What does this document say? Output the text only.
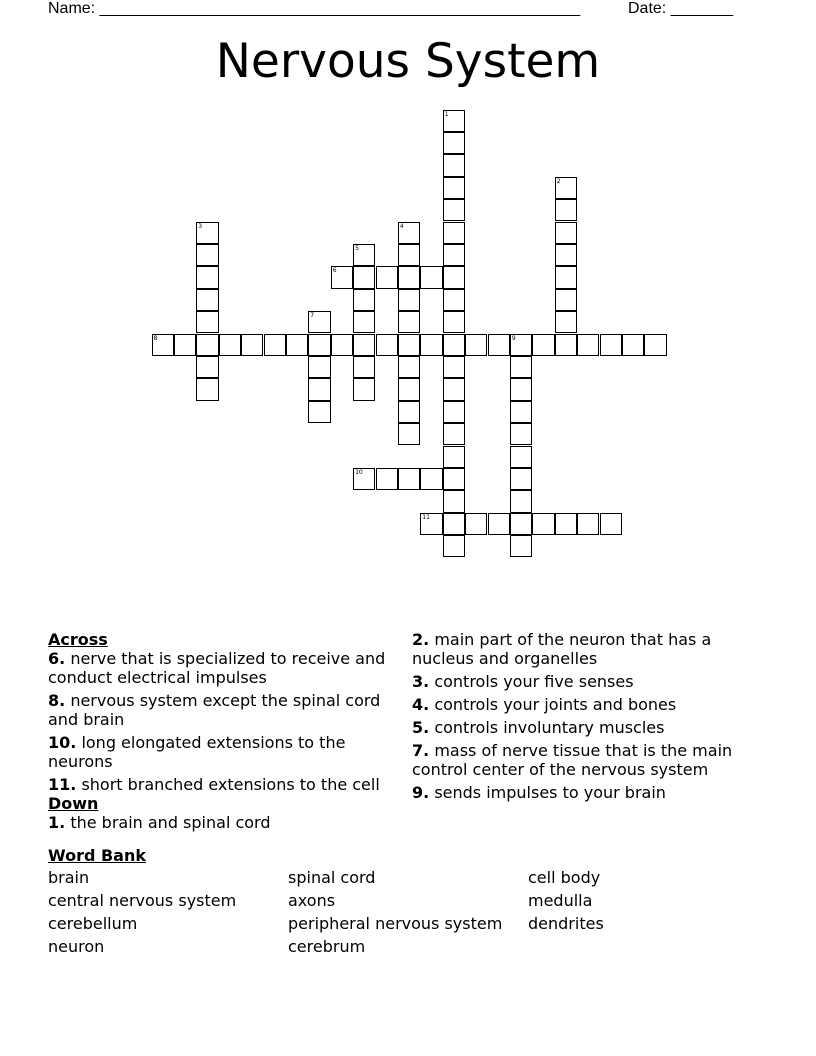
Name: ______________________________________________________	Date: _______
Nervous System
1
2
3	4
5
6
7
8	9
10
11
Across
6. nerve that is specialized to receive and conduct electrical impulses
8. nervous system except the spinal cord and brain
10. long elongated extensions to the neurons
11. short branched extensions to the cell
Down
1. the brain and spinal cord
2. main part of the neuron that has a nucleus and organelles
3. controls your five senses
4. controls your joints and bones
5. controls involuntary muscles
7. mass of nerve tissue that is the main control center of the nervous system
9. sends impulses to your brain
Word Bank
brain	spinal cord	cell body
central nervous system	axons	medulla
cerebellum	peripheral nervous system	dendrites
neuron	cerebrum
